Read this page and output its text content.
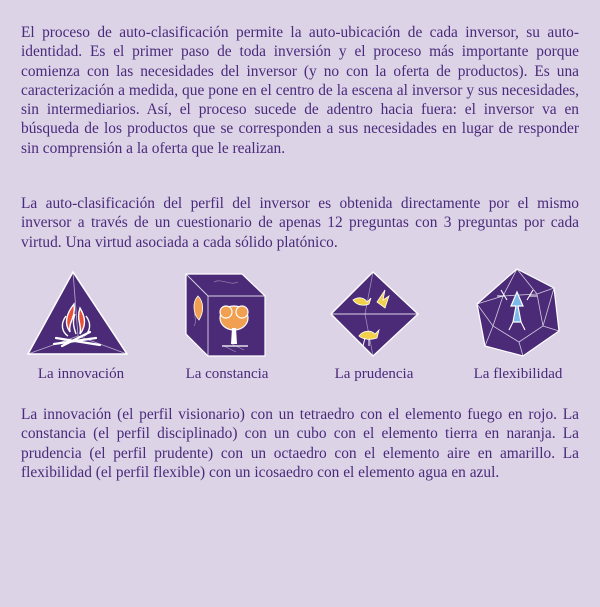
El proceso de auto-clasificación permite la auto-ubicación de cada inversor, su auto-identidad. Es el primer paso de toda inversión y el proceso más importante porque comienza con las necesidades del inversor (y no con la oferta de productos). Es una caracterización a medida, que pone en el centro de la escena al inversor y sus necesidades, sin intermediarios. Así, el proceso sucede de adentro hacia fuera: el inversor va en búsqueda de los productos que se corresponden a sus necesidades en lugar de responder sin comprensión a la oferta que le realizan.

La auto-clasificación del perfil del inversor es obtenida directamente por el mismo inversor a través de un cuestionario de apenas 12 preguntas con 3 preguntas por cada virtud. Una virtud asociada a cada sólido platónico.

La innovación	La constancia	La prudencia	La flexibilidad

La innovación (el perfil visionario) con un tetraedro con el elemento fuego en rojo. La constancia (el perfil disciplinado) con un cubo con el elemento tierra en naranja. La prudencia (el perfil prudente) con un octaedro con el elemento aire en amarillo. La flexibilidad (el perfil flexible) con un icosaedro con el elemento agua en azul.
